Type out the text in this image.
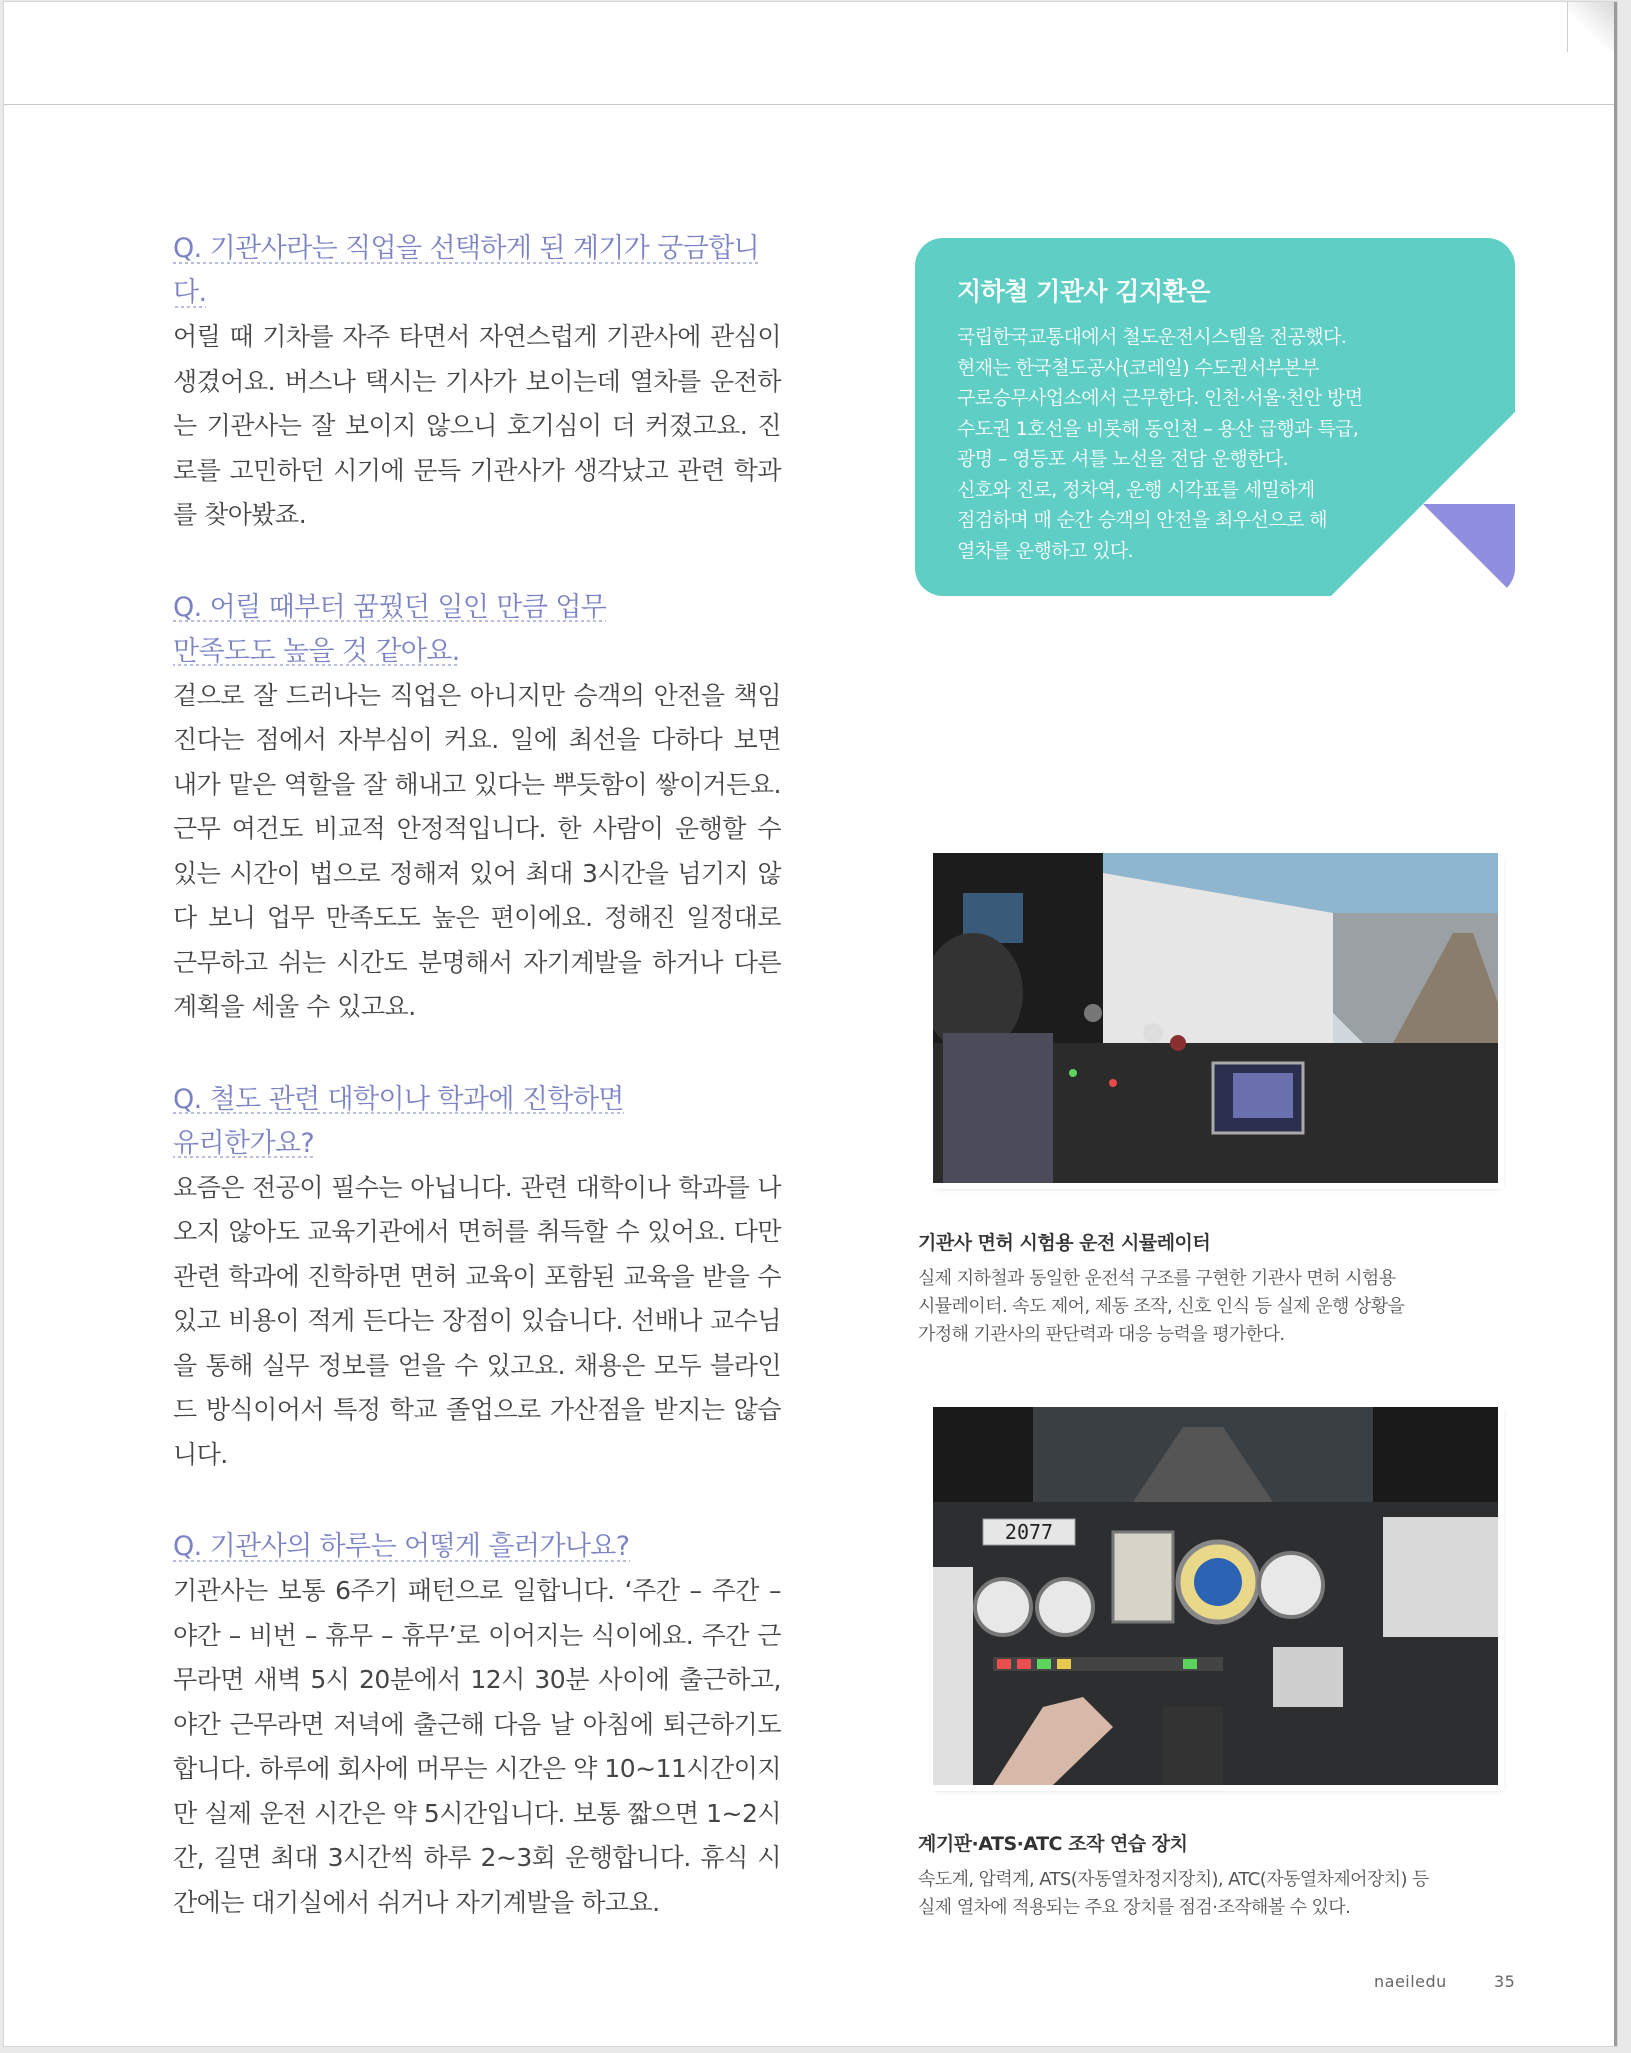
Q. 기관사라는 직업을 선택하게 된 계기가 궁금합니다.

어릴 때 기차를 자주 타면서 자연스럽게 기관사에 관심이 생겼어요. 버스나 택시는 기사가 보이는데 열차를 운전하는 기관사는 잘 보이지 않으니 호기심이 더 커졌고요. 진로를 고민하던 시기에 문득 기관사가 생각났고 관련 학과를 찾아봤죠.

Q. 어릴 때부터 꿈꿨던 일인 만큼 업무 만족도도 높을 것 같아요.

겉으로 잘 드러나는 직업은 아니지만 승객의 안전을 책임진다는 점에서 자부심이 커요. 일에 최선을 다하다 보면 내가 맡은 역할을 잘 해내고 있다는 뿌듯함이 쌓이거든요. 근무 여건도 비교적 안정적입니다. 한 사람이 운행할 수 있는 시간이 법으로 정해져 있어 최대 3시간을 넘기지 않다 보니 업무 만족도도 높은 편이에요. 정해진 일정대로 근무하고 쉬는 시간도 분명해서 자기계발을 하거나 다른 계획을 세울 수 있고요.

Q. 철도 관련 대학이나 학과에 진학하면 유리한가요?

요즘은 전공이 필수는 아닙니다. 관련 대학이나 학과를 나오지 않아도 교육기관에서 면허를 취득할 수 있어요. 다만 관련 학과에 진학하면 면허 교육이 포함된 교육을 받을 수 있고 비용이 적게 든다는 장점이 있습니다. 선배나 교수님을 통해 실무 정보를 얻을 수 있고요. 채용은 모두 블라인드 방식이어서 특정 학교 졸업으로 가산점을 받지는 않습니다.

Q. 기관사의 하루는 어떻게 흘러가나요?

기관사는 보통 6주기 패턴으로 일합니다. ‘주간 – 주간 – 야간 – 비번 – 휴무 – 휴무’로 이어지는 식이에요. 주간 근무라면 새벽 5시 20분에서 12시 30분 사이에 출근하고, 야간 근무라면 저녁에 출근해 다음 날 아침에 퇴근하기도 합니다. 하루에 회사에 머무는 시간은 약 10~11시간이지만 실제 운전 시간은 약 5시간입니다. 보통 짧으면 1~2시간, 길면 최대 3시간씩 하루 2~3회 운행합니다. 휴식 시간에는 대기실에서 쉬거나 자기계발을 하고요.

지하철 기관사 김지환은

국립한국교통대에서 철도운전시스템을 전공했다.
현재는 한국철도공사(코레일) 수도권서부본부
구로승무사업소에서 근무한다. 인천·서울·천안 방면
수도권 1호선을 비롯해 동인천 – 용산 급행과 특급,
광명 – 영등포 셔틀 노선을 전담 운행한다.
신호와 진로, 정차역, 운행 시각표를 세밀하게
점검하며 매 순간 승객의 안전을 최우선으로 해
열차를 운행하고 있다.

기관사 면허 시험용 운전 시뮬레이터

실제 지하철과 동일한 운전석 구조를 구현한 기관사 면허 시험용
시뮬레이터. 속도 제어, 제동 조작, 신호 인식 등 실제 운행 상황을
가정해 기관사의 판단력과 대응 능력을 평가한다.

2077

계기판·ATS·ATC 조작 연습 장치

속도계, 압력계, ATS(자동열차정지장치), ATC(자동열차제어장치) 등
실제 열차에 적용되는 주요 장치를 점검·조작해볼 수 있다.

naeiledu	35
